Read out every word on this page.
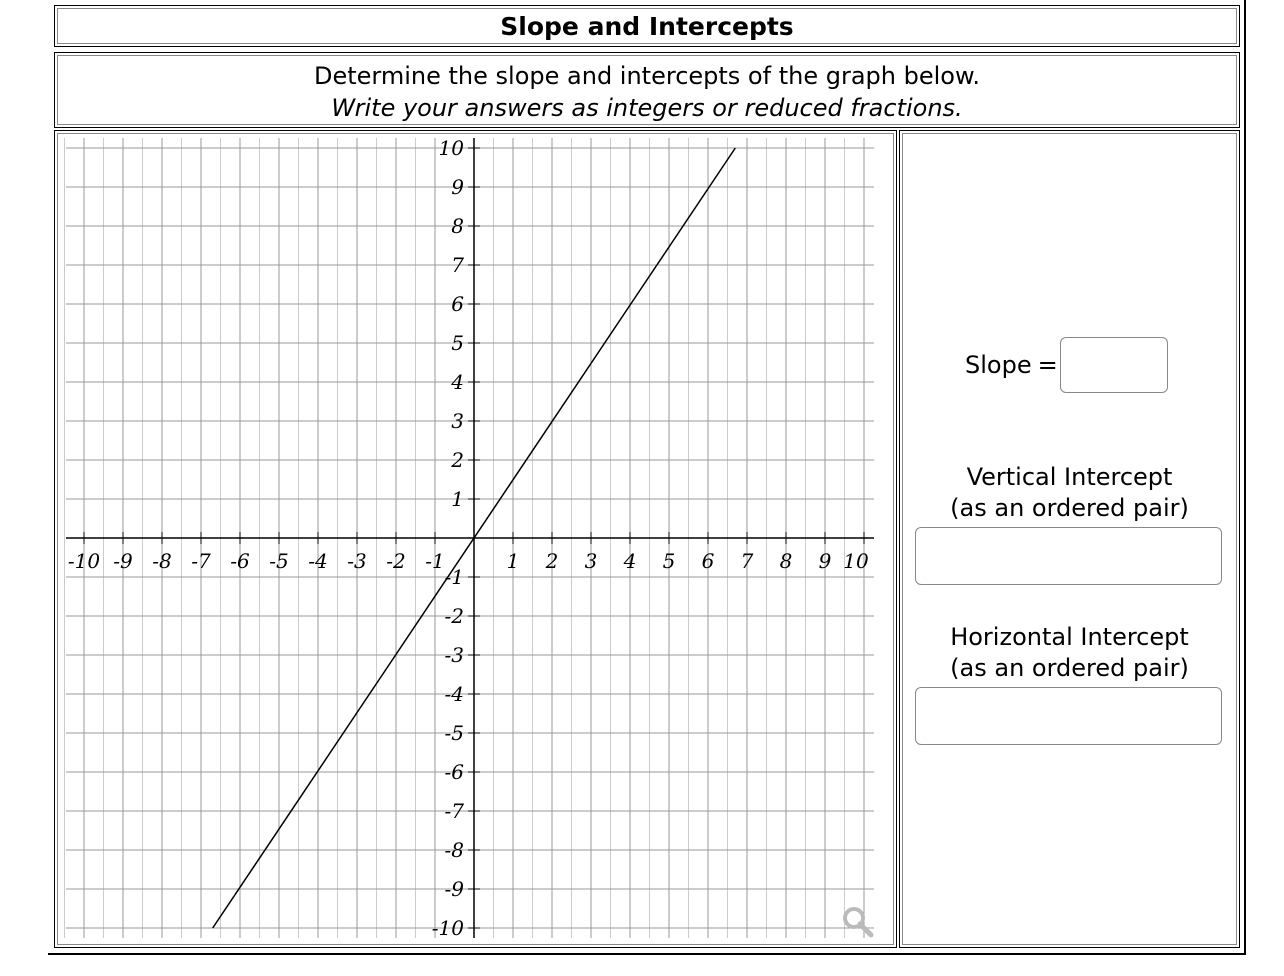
Slope and Intercepts
Determine the slope and intercepts of the graph below.
Write your answers as integers or reduced fractions.
-10 -9 -8 -7 -6 -5 -4 -3 -2 -1	1 2 3 4 5 6 7 8 9 10
10
9
8
7
6
5
4
3
2
1
-1
-2
-3
-4
-5
-6
-7
-8
-9
-10
Slope =
Vertical Intercept
(as an ordered pair)
Horizontal Intercept
(as an ordered pair)
